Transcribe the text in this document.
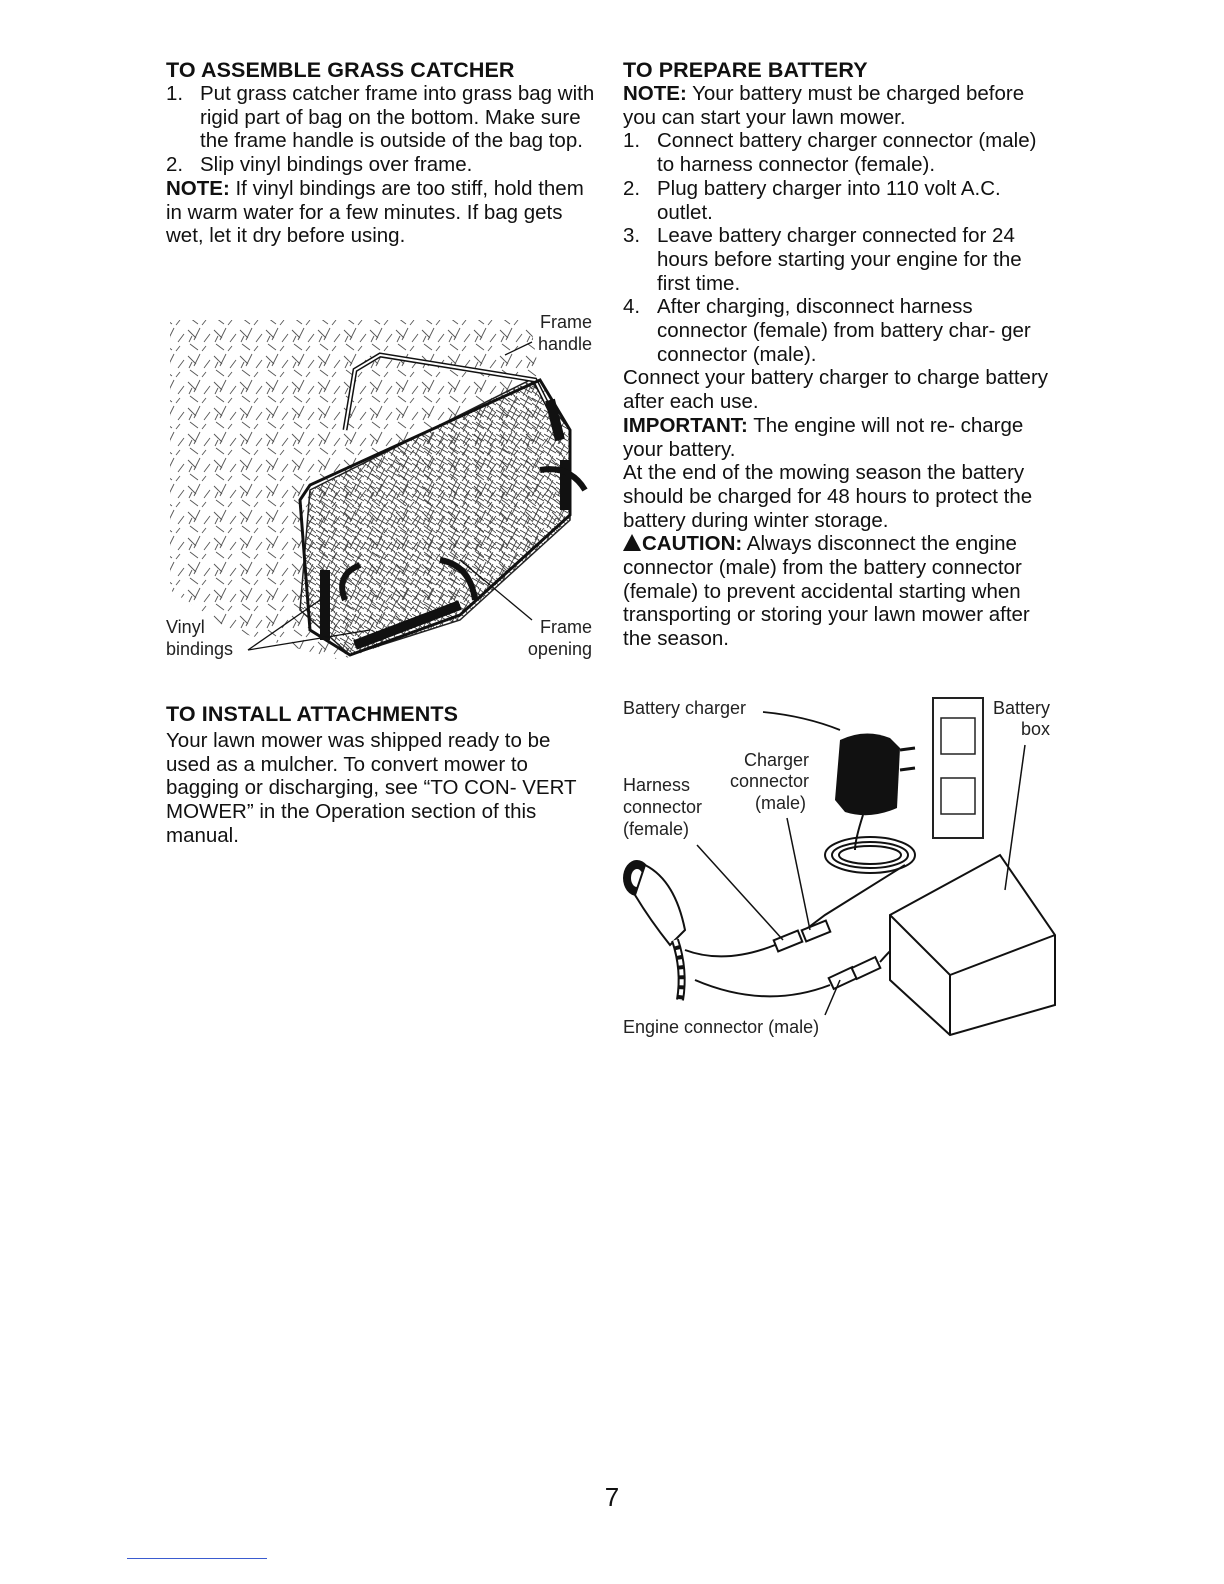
TO ASSEMBLE GRASS CATCHER
1. Put grass catcher frame into grass bag with rigid part of bag on the bottom. Make sure the frame handle is outside of the bag top.
2. Slip vinyl bindings over frame.

NOTE: If vinyl bindings are too stiff, hold them in warm water for a few minutes. If bag gets wet, let it dry before using.

Frame
handle
Vinyl
bindings
Frame
opening
TO INSTALL ATTACHMENTS

Your lawn mower was shipped ready to be used as a mulcher. To convert mower to bagging or discharging, see “TO CON- VERT MOWER” in the Operation section of this manual.

TO PREPARE BATTERY

NOTE: Your battery must be charged before you can start your lawn mower.

1. Connect battery charger connector (male) to harness connector (female).
2. Plug battery charger into 110 volt A.C. outlet.
3. Leave battery charger connected for 24 hours before starting your engine for the first time.
4. After charging, disconnect harness connector (female) from battery char- ger connector (male).

Connect your battery charger to charge battery after each use.

IMPORTANT: The engine will not re- charge your battery.

At the end of the mowing season the battery should be charged for 48 hours to protect the battery during winter storage.

CAUTION: Always disconnect the engine connector (male) from the battery connector (female) to prevent accidental starting when transporting or storing your lawn mower after the season.

Battery charger	Battery
box
Charger
connector
(male)
Harness
connector
(female)
Engine connector (male)
7
